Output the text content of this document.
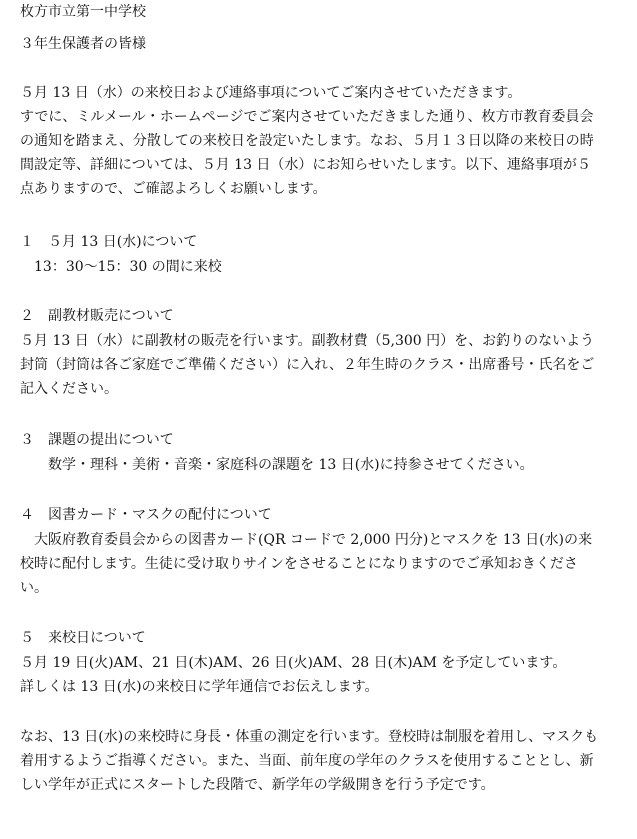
枚方市立第一中学校
３年生保護者の皆様
５月 13 日（水）の来校日および連絡事項についてご案内させていただきます。
すでに、ミルメール・ホームページでご案内させていただきました通り、枚方市教育委員会
の通知を踏まえ、分散しての来校日を設定いたします。なお、５月１３日以降の来校日の時
間設定等、詳細については、５月 13 日（水）にお知らせいたします。以下、連絡事項が５
点ありますので、ご確認よろしくお願いします。
１　５月 13 日(水)について
13：30～15：30 の間に来校
２　副教材販売について
５月 13 日（水）に副教材の販売を行います。副教材費（5,300 円）を、お釣りのないよう
封筒（封筒は各ご家庭でご準備ください）に入れ、２年生時のクラス・出席番号・氏名をご
記入ください。
３　課題の提出について
数学・理科・美術・音楽・家庭科の課題を 13 日(水)に持参させてください。
４　図書カード・マスクの配付について
大阪府教育委員会からの図書カード(QR コードで 2,000 円分)とマスクを 13 日(水)の来
校時に配付します。生徒に受け取りサインをさせることになりますのでご承知おきくださ
い。
５　来校日について
５月 19 日(火)AM、21 日(木)AM、26 日(火)AM、28 日(木)AM を予定しています。
詳しくは 13 日(水)の来校日に学年通信でお伝えします。
なお、13 日(水)の来校時に身長・体重の測定を行います。登校時は制服を着用し、マスクも
着用するようご指導ください。また、当面、前年度の学年のクラスを使用することとし、新
しい学年が正式にスタートした段階で、新学年の学級開きを行う予定です。
